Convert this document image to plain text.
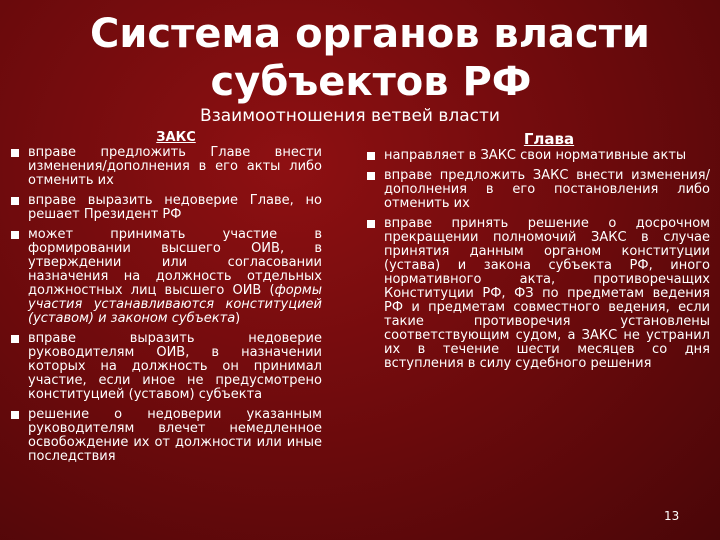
Система органов власти
субъектов РФ

Взаимоотношения ветвей власти

ЗАКС

вправе предложить Главе внести изменения/дополнения в его акты либо отменить их
вправе выразить недоверие Главе, но решает Президент РФ
может принимать участие в формировании высшего ОИВ, в утверждении или согласовании назначения на должность отдельных должностных лиц высшего ОИВ (формы участия устанавливаются конституцией (уставом) и законом субъекта)
вправе выразить недоверие руководителям ОИВ, в назначении которых на должность он принимал участие, если иное не предусмотрено конституцией (уставом) субъекта
решение о недоверии указанным руководителям влечет немедленное освобождение их от должности или иные последствия

Глава

направляет в ЗАКС свои нормативные акты
вправе предложить ЗАКС внести изменения/дополнения в его постановления либо отменить их
вправе принять решение о досрочном прекращении полномочий ЗАКС в случае принятия данным органом конституции (устава) и закона субъекта РФ, иного нормативного акта, противоречащих Конституции РФ, ФЗ по предметам ведения РФ и предметам совместного ведения, если такие противоречия установлены соответствующим судом, а ЗАКС не устранил их в течение шести месяцев со дня вступления в силу судебного решения
13
